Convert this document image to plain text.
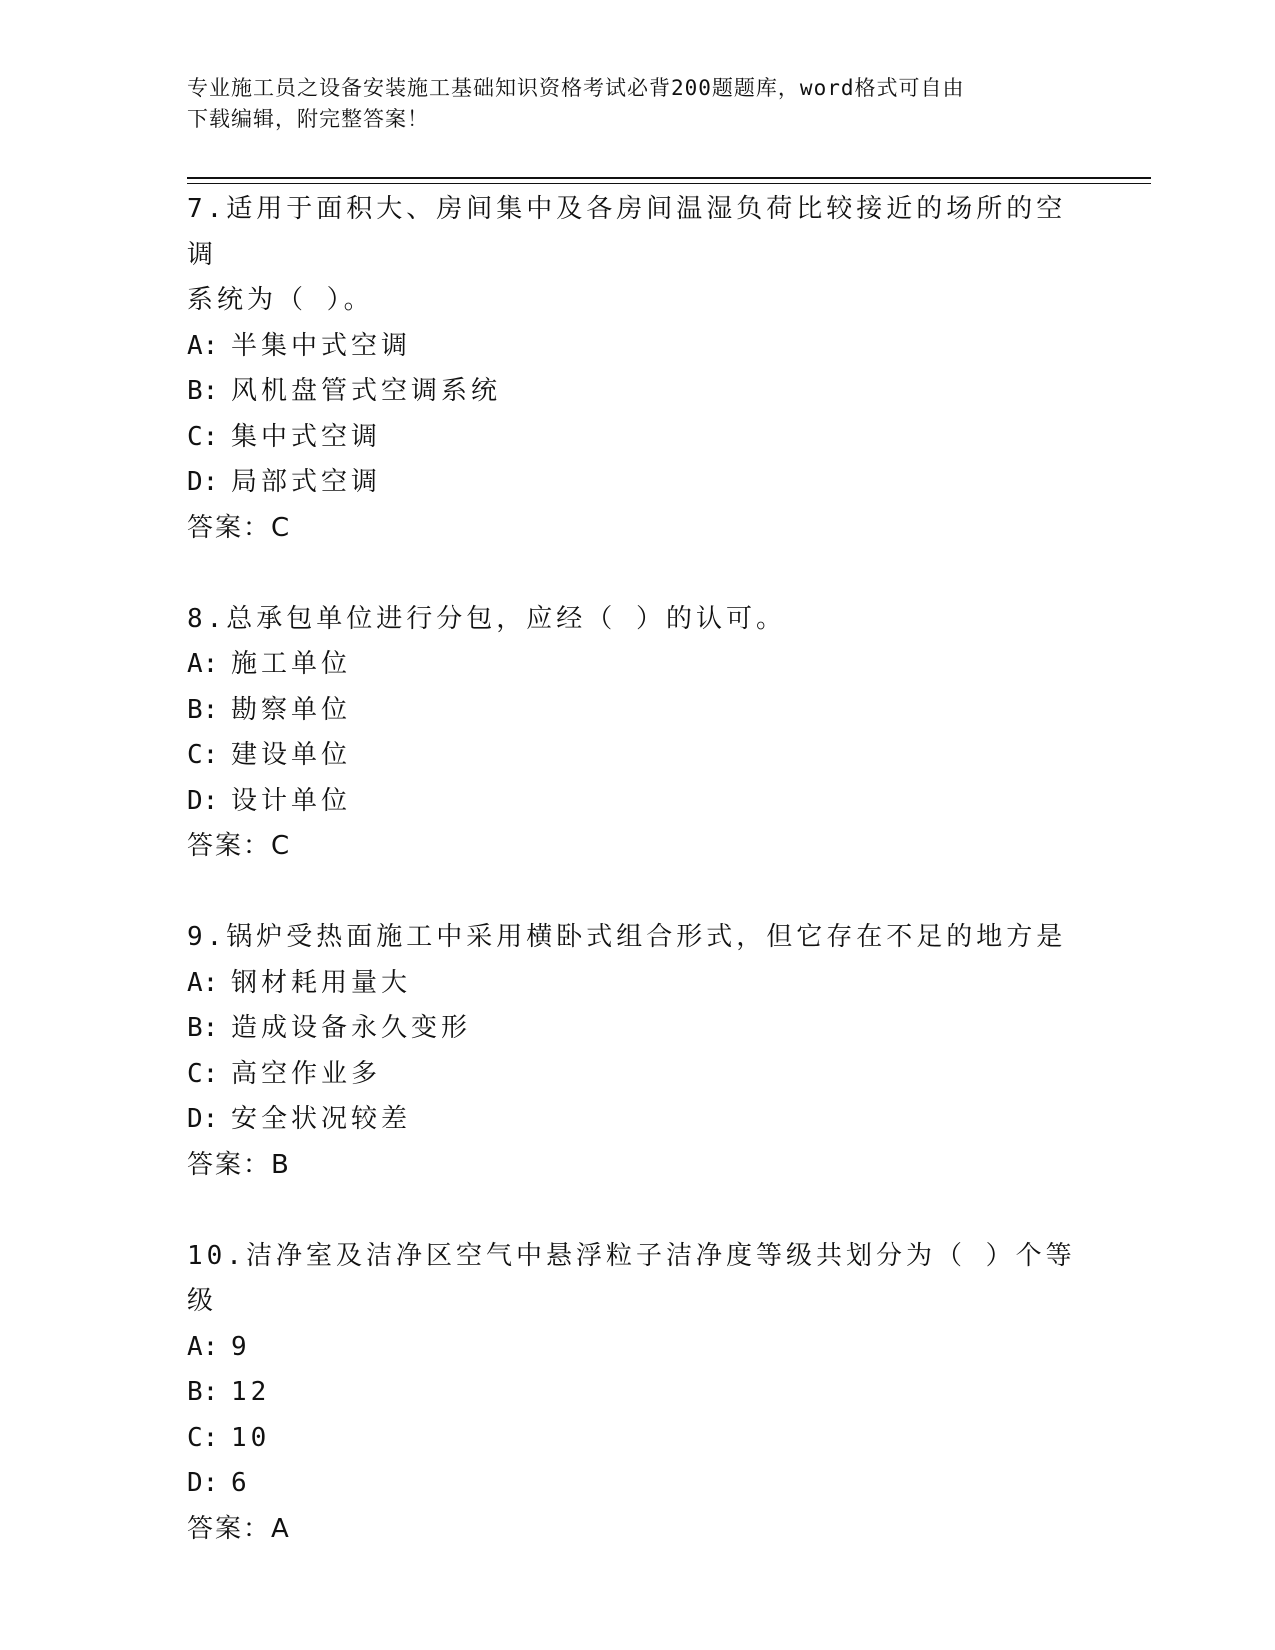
专业施工员之设备安装施工基础知识资格考试必背200题题库，word格式可自由
下载编辑，附完整答案！

7.适用于面积大、房间集中及各房间温湿负荷比较接近的场所的空调

系统为（ ）。

A: 半集中式空调

B: 风机盘管式空调系统

C: 集中式空调

D: 局部式空调

答案：C

8.总承包单位进行分包，应经（ ）的认可。

A: 施工单位

B: 勘察单位

C: 建设单位

D: 设计单位

答案：C

9.锅炉受热面施工中采用横卧式组合形式，但它存在不足的地方是

A: 钢材耗用量大

B: 造成设备永久变形

C: 高空作业多

D: 安全状况较差

答案：B

10.洁净室及洁净区空气中悬浮粒子洁净度等级共划分为（ ）个等级

A: 9

B: 12

C: 10

D: 6

答案：A
